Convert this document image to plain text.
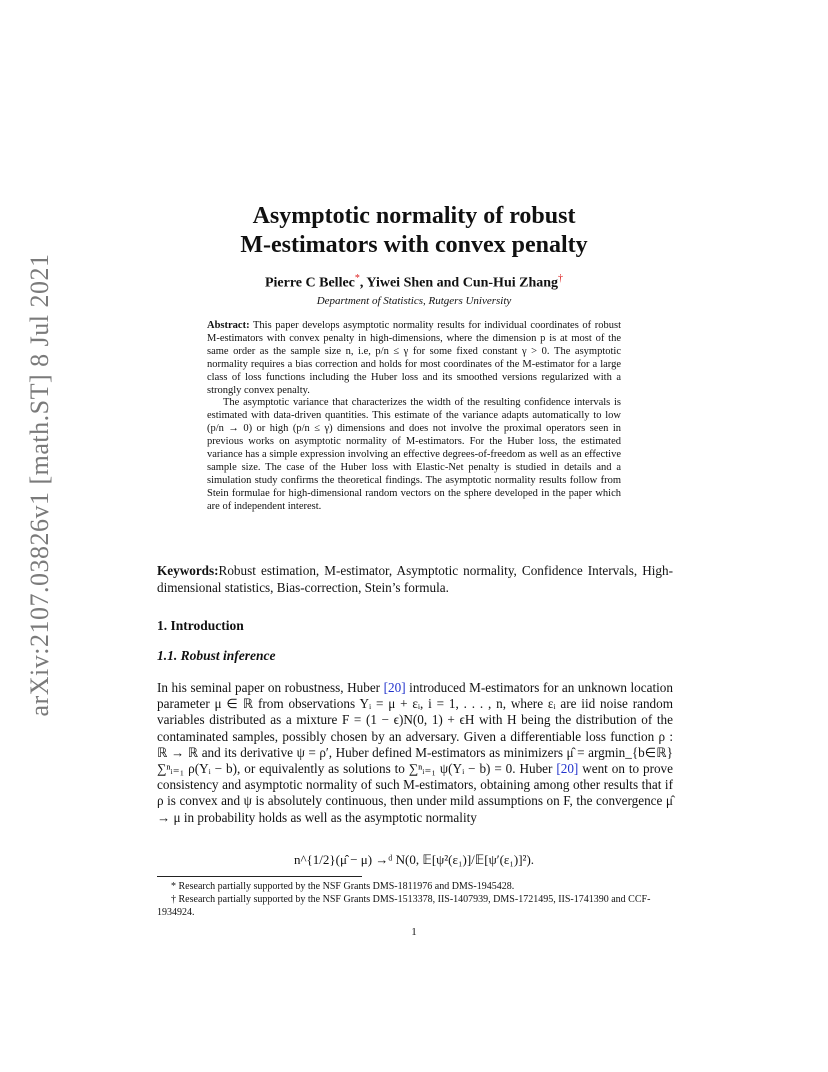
arXiv:2107.03826v1 [math.ST] 8 Jul 2021
Asymptotic normality of robust
M-estimators with convex penalty
Pierre C Bellec*, Yiwei Shen and Cun-Hui Zhang†
Department of Statistics, Rutgers University

Abstract: This paper develops asymptotic normality results for individual coordinates of robust M-estimators with convex penalty in high-dimensions, where the dimension p is at most of the same order as the sample size n, i.e, p/n ≤ γ for some fixed constant γ > 0. The asymptotic normality requires a bias correction and holds for most coordinates of the M-estimator for a large class of loss functions including the Huber loss and its smoothed versions regularized with a strongly convex penalty.

The asymptotic variance that characterizes the width of the resulting confidence intervals is estimated with data-driven quantities. This estimate of the variance adapts automatically to low (p/n → 0) or high (p/n ≤ γ) dimensions and does not involve the proximal operators seen in previous works on asymptotic normality of M-estimators. For the Huber loss, the estimated variance has a simple expression involving an effective degrees-of-freedom as well as an effective sample size. The case of the Huber loss with Elastic-Net penalty is studied in details and a simulation study confirms the theoretical findings. The asymptotic normality results follow from Stein formulae for high-dimensional random vectors on the sphere developed in the paper which are of independent interest.

Keywords:Robust estimation, M-estimator, Asymptotic normality, Confidence Intervals, High-dimensional statistics, Bias-correction, Stein’s formula.
1. Introduction
1.1. Robust inference

In his seminal paper on robustness, Huber [20] introduced M-estimators for an unknown location parameter μ ∈ ℝ from observations Yᵢ = μ + εᵢ, i = 1, . . . , n, where εᵢ are iid noise random variables distributed as a mixture F = (1 − ϵ)N(0, 1) + ϵH with H being the distribution of the contaminated samples, possibly chosen by an adversary. Given a differentiable loss function ρ : ℝ → ℝ and its derivative ψ = ρ′, Huber defined M-estimators as minimizers μ̂ = argmin_{b∈ℝ} ∑ⁿᵢ₌₁ ρ(Yᵢ − b), or equivalently as solutions to ∑ⁿᵢ₌₁ ψ(Yᵢ − b) = 0. Huber [20] went on to prove consistency and asymptotic normality of such M-estimators, obtaining among other results that if ρ is convex and ψ is absolutely continuous, then under mild assumptions on F, the convergence μ̂ → μ in probability holds as well as the asymptotic normality

n^{1/2}(μ̂ − μ) →ᵈ N(0, 𝔼[ψ²(ε₁)]/𝔼[ψ′(ε₁)]²).

* Research partially supported by the NSF Grants DMS-1811976 and DMS-1945428.

† Research partially supported by the NSF Grants DMS-1513378, IIS-1407939, DMS-1721495, IIS-1741390 and CCF-1934924.

1
